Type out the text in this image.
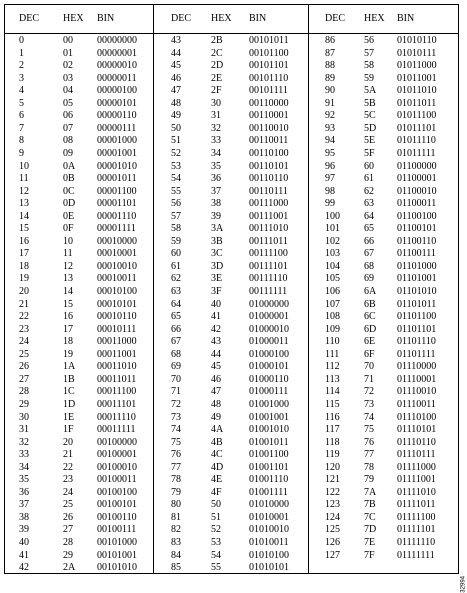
DEC HEX BIN
0	00 00000000
1	01 00000001
2	02 00000010
3	03 00000011
4	04 00000100
5	05 00000101
6	06 00000110
7	07 00000111
8	08 00001000
9	09 00001001
10	0A 00001010
11	0B 00001011
12	0C 00001100
13	0D 00001101
14	0E 00001110
15	0F 00001111
16	10 00010000
17	11 00010001
18	12 00010010
19	13 00010011
20	14 00010100
21	15 00010101
22	16 00010110
23	17 00010111
24	18 00011000
25	19 00011001
26	1A 00011010
27	1B 00011011
28	1C 00011100
29	1D 00011101
30	1E 00011110
31	1F 00011111
32	20 00100000
33	21 00100001
34	22 00100010
35	23 00100011
36	24 00100100
37	25 00100101
38	26 00100110
39	27 00100111
40	28 00101000
41	29 00101001
42	2A 00101010
DEC HEX BIN
43	2B	00101011
44	2C	00101100
45	2D	00101101
46	2E	00101110
47	2F	00101111
48	30	00110000
49	31	00110001
50	32	00110010
51	33	00110011
52	34	00110100
53	35	00110101
54	36	00110110
55	37	00110111
56	38	00111000
57	39	00111001
58	3A	00111010
59	3B	00111011
60	3C	00111100
61	3D	00111101
62	3E	00111110
63	3F	00111111
64	40	01000000
65	41	01000001
66	42	01000010
67	43	01000011
68	44	01000100
69	45	01000101
70	46	01000110
71	47	01000111
72	48	01001000
73	49	01001001
74	4A	01001010
75	4B	01001011
76	4C	01001100
77	4D	01001101
78	4E	01001110
79	4F	01001111
80	50	01010000
81	51	01010001
82	52	01010010
83	53	01010011
84	54	01010100
85	55	01010101
DEC HEX BIN
86	56 01010110
87	57 01010111
88	58 01011000
89	59 01011001
90	5A 01011010
91	5B 01011011
92	5C 01011100
93	5D 01011101
94	5E 01011110
95	5F 01011111
96	60 01100000
97	61 01100001
98	62 01100010
99	63 01100011
100 64 01100100
101 65 01100101
102 66 01100110
103 67 01100111
104 68 01101000
105 69 01101001
106 6A 01101010
107 6B 01101011
108 6C 01101100
109 6D 01101101
110 6E 01101110
111 6F 01101111
112 70 01110000
113 71 01110001
114 72 01110010
115 73 01110011
116 74 01110100
117 75 01110101
118 76 01110110
119 77 01110111
120 78 01111000
121 79 01111001
122 7A 01111010
123 7B 01111011
124 7C 01111100
125 7D 01111101
126 7E 01111110
127 7F 01111111
32994
